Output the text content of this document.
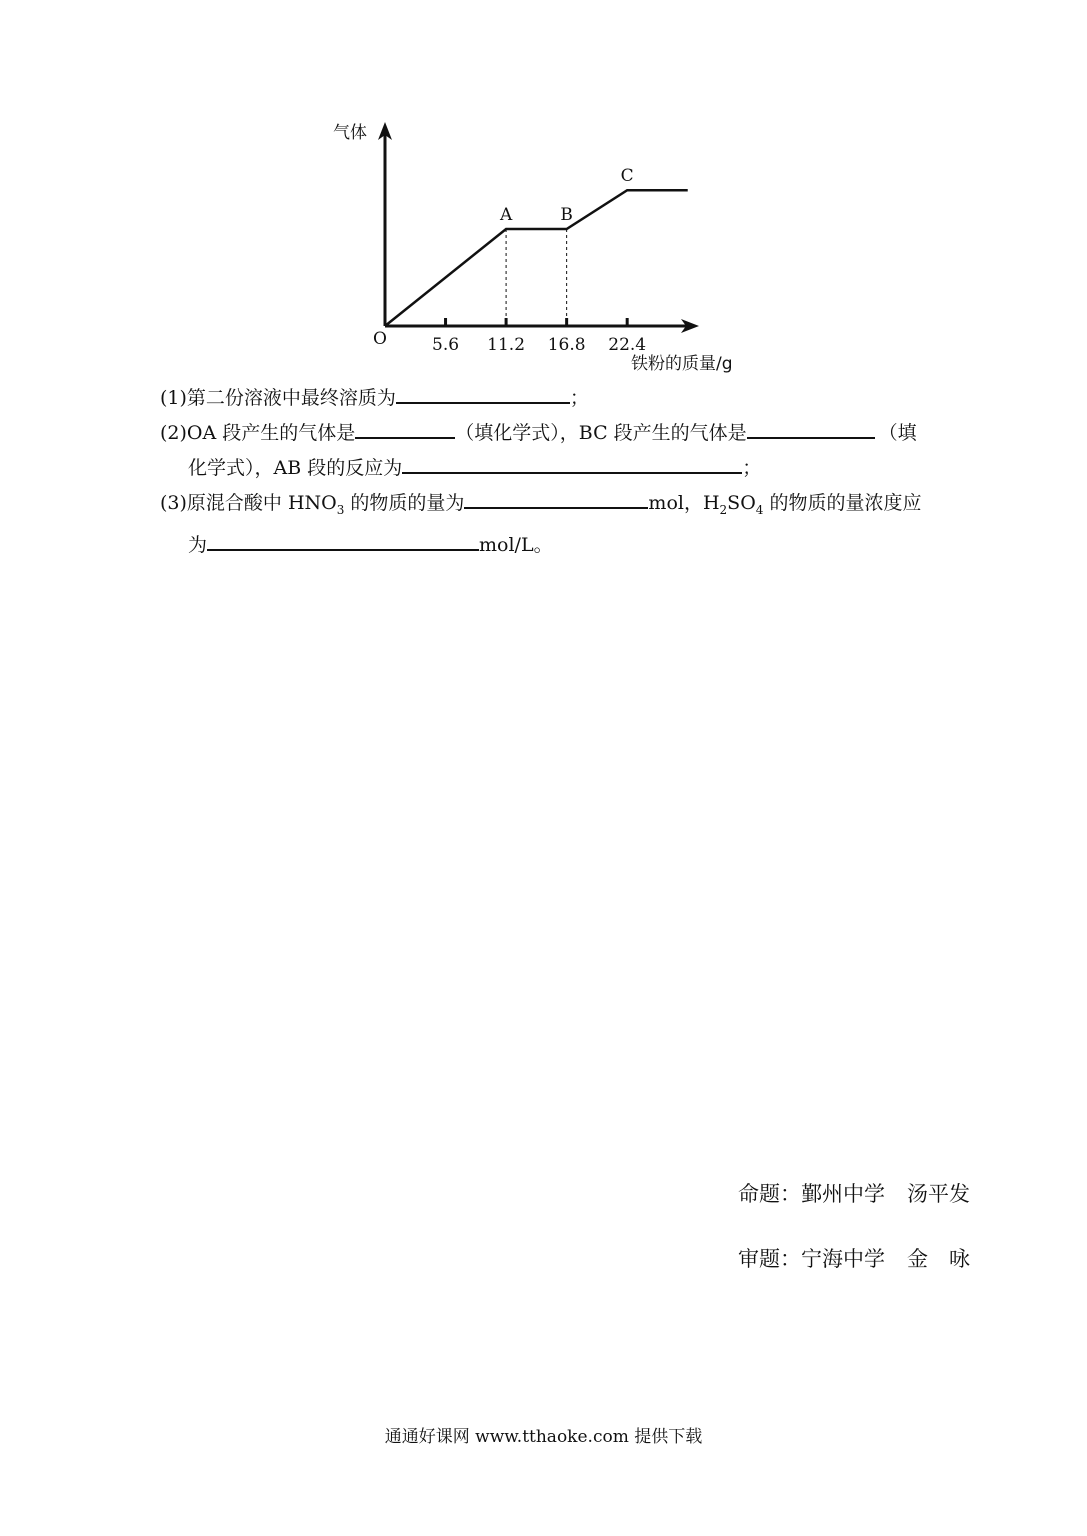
气体
O
铁粉的质量/g
5.6 11.2 16.8 22.4
A	B
C
(1)第二份溶液中最终溶质为	；
(2)OA 段产生的气体是	（填化学式），BC 段产生的气体是	（填
化学式），AB 段的反应为	；
(3)原混合酸中 $HNO_3$ 的物质的量为	mol，$H_2SO_4$ 的物质的量浓度应
为	mol/L。
命题：鄞州中学 汤平发
审题：宁海中学 金　咏
通通好课网 www.tthaoke.com 提供下载
